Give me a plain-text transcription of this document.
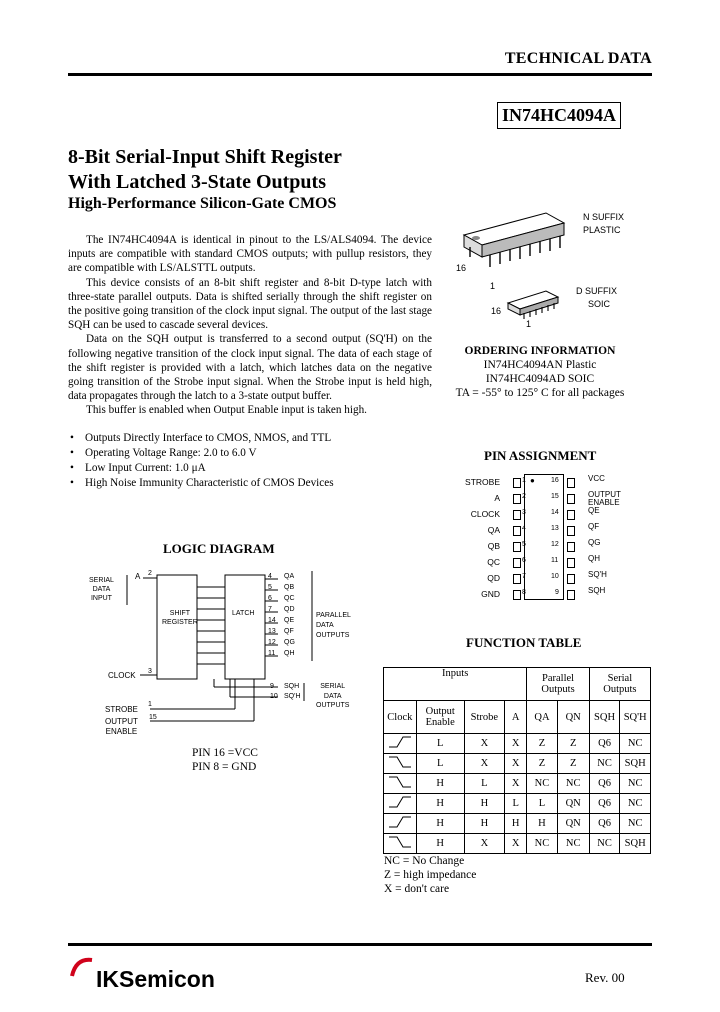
TECHNICAL DATA
IN74HC4094A
8-Bit Serial-Input Shift Register
With Latched 3-State Outputs
High-Performance Silicon-Gate CMOS

The IN74HC4094A is identical in pinout to the LS/ALS4094. The device inputs are compatible with standard CMOS outputs; with pullup resistors, they are compatible with LS/ALSTTL outputs.

This device consists of an 8-bit shift register and 8-bit D-type latch with three-state parallel outputs. Data is shifted serially through the shift register on the positive going transition of the clock input signal. The output of the last stage SQH can be used to cascade several devices.

Data on the SQH output is transferred to a second output (SQ'H) on the following negative transition of the clock input signal. The data of each stage of the shift register is provided with a latch, which latches data on the negative going transition of the Strobe input signal. When the Strobe input is held high, data propagates through the latch to a 3-state output buffer.

This buffer is enabled when Output Enable input is taken high.

• Outputs Directly Interface to CMOS, NMOS, and TTL
• Operating Voltage Range: 2.0 to 6.0 V
• Low Input Current: 1.0 μA
• High Noise Immunity Characteristic of CMOS Devices
N SUFFIX
PLASTIC
16
1	D SUFFIX
SOIC
16
1
ORDERING INFORMATION
IN74HC4094AN Plastic
IN74HC4094AD SOIC
TA = -55° to 125° C for all packages
PIN ASSIGNMENT
●
STROBE	1	16	VCC
A	2	15	OUTPUT ENABLE
CLOCK	3	14	QE
QA	4	13	QF
QB	5	12	QG
QC	6	11	QH
QD	7	10	SQ'H
GND	8	9	SQH
LOGIC DIAGRAM
SERIAL
DATA
INPUT
A 2
SHIFT
REGISTER
LATCH
CLOCK 3
STROBE
1
OUTPUT
ENABLE
15
4 QA
5 QB
6 QC
7 QD
14 QE
13 QF
12 QG
11 QH
9 SQH
10 SQ'H
PARALLEL
DATA
OUTPUTS
SERIAL
DATA
OUTPUTS
PIN 16 =VCC
PIN 8 = GND
FUNCTION TABLE
Inputs				Parallel Outputs		Serial Outputs	
Clock	Output Enable	Strobe	A	QA	QN	SQH	SQ'H
	L	X	X	Z	Z	Q6	NC
	L	X	X	Z	Z	NC	SQH
	H	L	X	NC	NC	Q6	NC
	H	H	L	L	QN	Q6	NC
	H	H	H	H	QN	Q6	NC
	H	X	X	NC	NC	NC	SQH
NC = No Change
Z = high impedance
X = don't care
IKSemicon	Rev. 00
